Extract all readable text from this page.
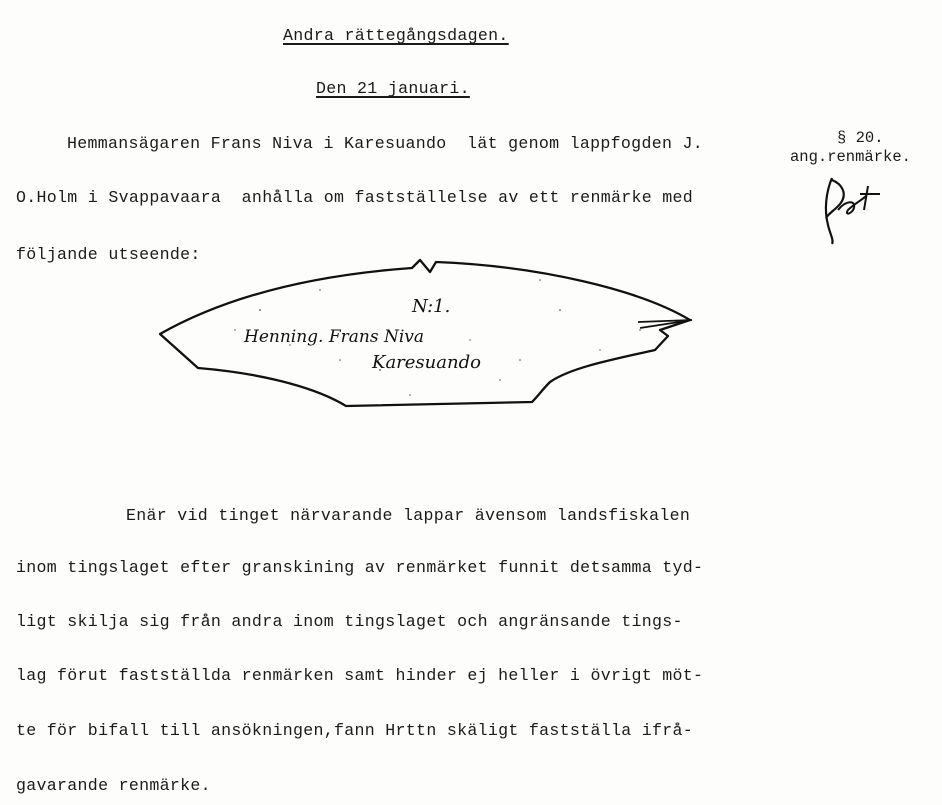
Andra rättegångsdagen.
Den 21 januari.
§ 20.
ang.renmärke.
Hemmansägaren Frans Niva i Karesuando  lät genom lappfogden J.
O.Holm i Svappavaara  anhålla om fastställelse av ett renmärke med
följande utseende:
N:1.
Henning. Frans Niva
Karesuando
Enär vid tinget närvarande lappar ävensom landsfiskalen
inom tingslaget efter granskining av renmärket funnit detsamma tyd-
ligt skilja sig från andra inom tingslaget och angränsande tings-
lag förut fastställda renmärken samt hinder ej heller i övrigt möt-
te för bifall till ansökningen,fann Hrttn skäligt fastställa ifrå-
gavarande renmärke.
